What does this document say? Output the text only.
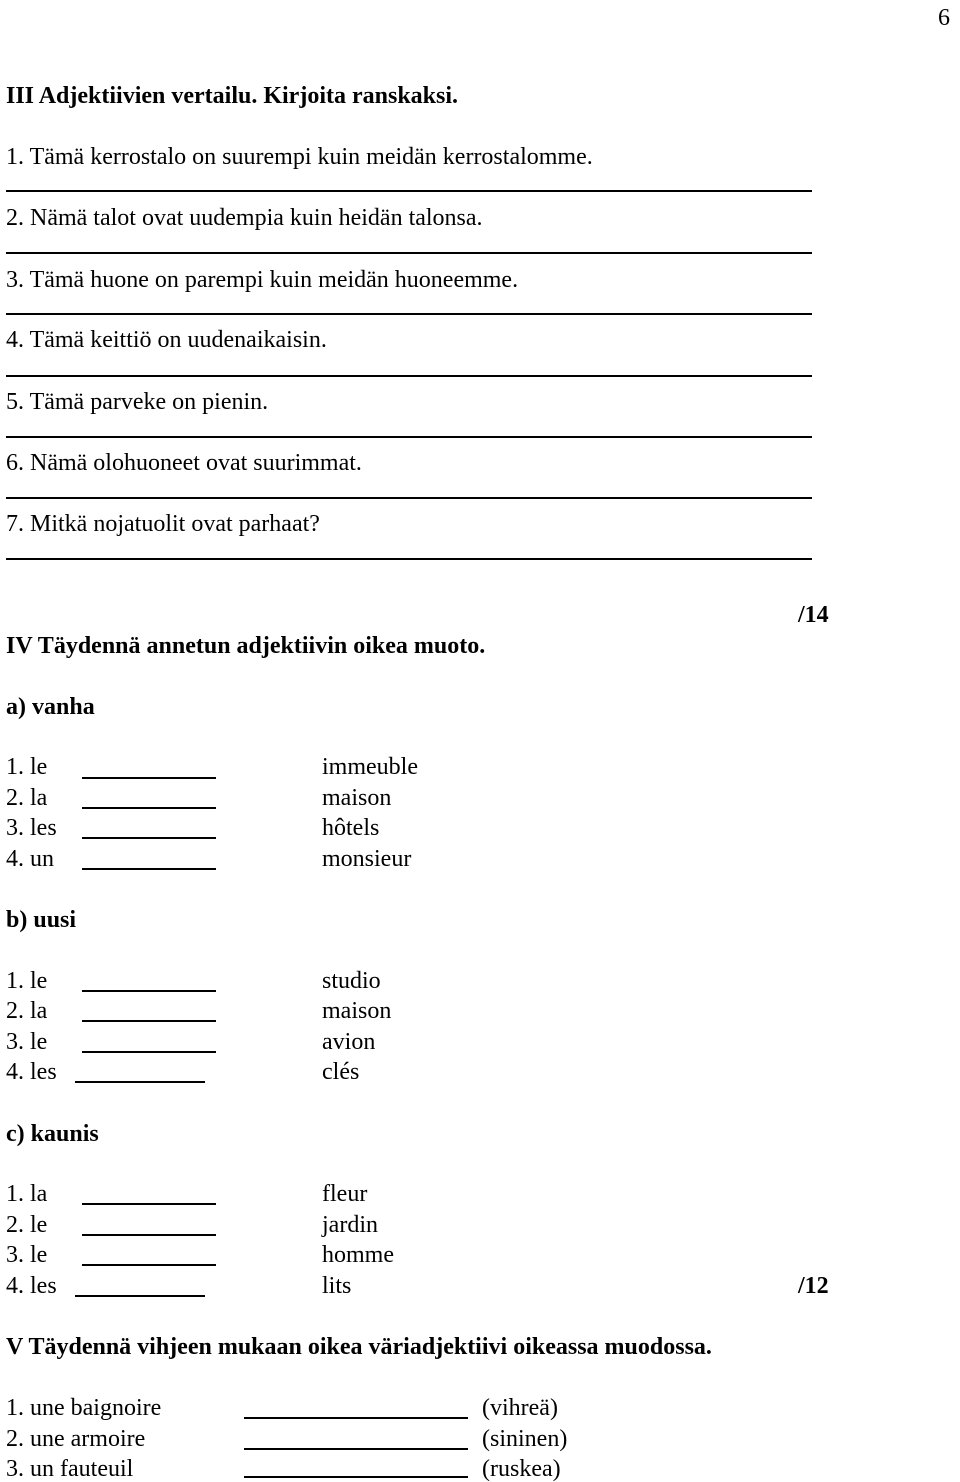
6
III Adjektiivien vertailu. Kirjoita ranskaksi.
1. Tämä kerrostalo on suurempi kuin meidän kerrostalomme.
2. Nämä talot ovat uudempia kuin heidän talonsa.
3. Tämä huone on parempi kuin meidän huoneemme.
4. Tämä keittiö on uudenaikaisin.
5. Tämä parveke on pienin.
6. Nämä olohuoneet ovat suurimmat.
7. Mitkä nojatuolit ovat parhaat?
/14
IV Täydennä annetun adjektiivin oikea muoto.
a) vanha
1. le	immeuble
2. la	maison
3. les	hôtels
4. un	monsieur
b) uusi
1. le	studio
2. la	maison
3. le	avion
4. les	clés
c) kaunis
1. la	fleur
2. le	jardin
3. le	homme
4. les	lits	/12
V Täydennä vihjeen mukaan oikea väriadjektiivi oikeassa muodossa.
1. une baignoire	(vihreä)
2. une armoire	(sininen)
3. un fauteuil	(ruskea)
